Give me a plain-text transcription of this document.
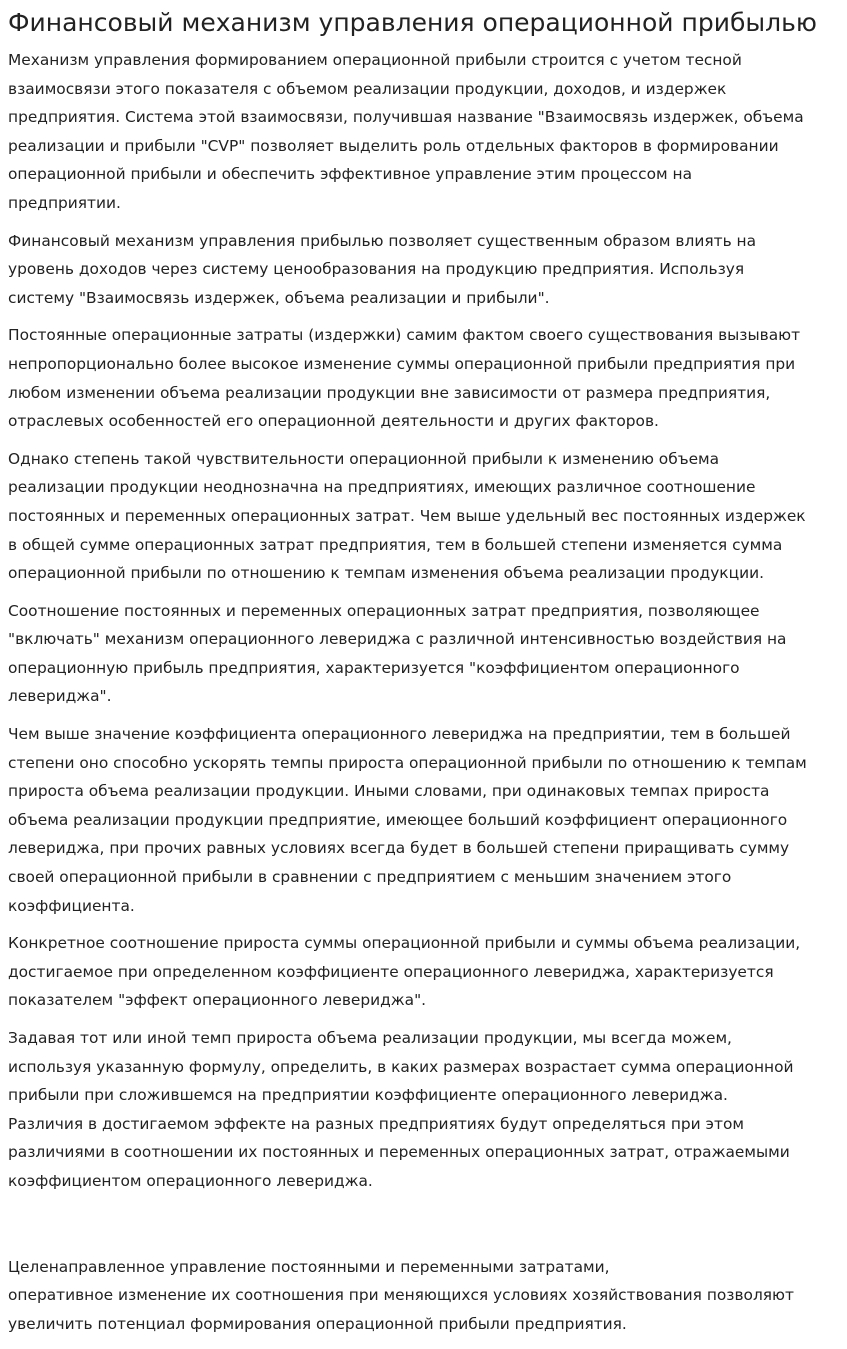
Финансовый механизм управления операционной прибылью

Механизм управления формированием операционной прибыли строится с учетом тесной
взаимосвязи этого показателя с объемом реализации продукции, доходов, и издержек
предприятия. Система этой взаимосвязи, получившая название "Взаимосвязь издержек, объема
реализации и прибыли "CVP" позволяет выделить роль отдельных факторов в формировании
операционной прибыли и обеспечить эффективное управление этим процессом на
предприятии.

Финансовый механизм управления прибылью позволяет существенным образом влиять на
уровень доходов через систему ценообразования на продукцию предприятия. Используя
систему "Взаимосвязь издержек, объема реализации и прибыли".

Постоянные операционные затраты (издержки) самим фактом своего существования вызывают
непропорционально более высокое изменение суммы операционной прибыли предприятия при
любом изменении объема реализации продукции вне зависимости от размера предприятия,
отраслевых особенностей его операционной деятельности и других факторов.

Однако степень такой чувствительности операционной прибыли к изменению объема
реализации продукции неоднозначна на предприятиях, имеющих различное соотношение
постоянных и переменных операционных затрат. Чем выше удельный вес постоянных издержек
в общей сумме операционных затрат предприятия, тем в большей степени изменяется сумма
операционной прибыли по отношению к темпам изменения объема реализации продукции.

Соотношение постоянных и переменных операционных затрат предприятия, позволяющее
"включать" механизм операционного левериджа с различной интенсивностью воздействия на
операционную прибыль предприятия, характеризуется "коэффициентом операционного
левериджа".

Чем выше значение коэффициента операционного левериджа на предприятии, тем в большей
степени оно способно ускорять темпы прироста операционной прибыли по отношению к темпам
прироста объема реализации продукции. Иными словами, при одинаковых темпах прироста
объема реализации продукции предприятие, имеющее больший коэффициент операционного
левериджа, при прочих равных условиях всегда будет в большей степени приращивать сумму
своей операционной прибыли в сравнении с предприятием с меньшим значением этого
коэффициента.

Конкретное соотношение прироста суммы операционной прибыли и суммы объема реализации,
достигаемое при определенном коэффициенте операционного левериджа, характеризуется
показателем "эффект операционного левериджа".

Задавая тот или иной темп прироста объема реализации продукции, мы всегда можем,
используя указанную формулу, определить, в каких размерах возрастает сумма операционной
прибыли при сложившемся на предприятии коэффициенте операционного левериджа.
Различия в достигаемом эффекте на разных предприятиях будут определяться при этом
различиями в соотношении их постоянных и переменных операционных затрат, отражаемыми
коэффициентом операционного левериджа.

Целенаправленное управление постоянными и переменными затратами,
оперативное изменение их соотношения при меняющихся условиях хозяйствования позволяют
увеличить потенциал формирования операционной прибыли предприятия.
